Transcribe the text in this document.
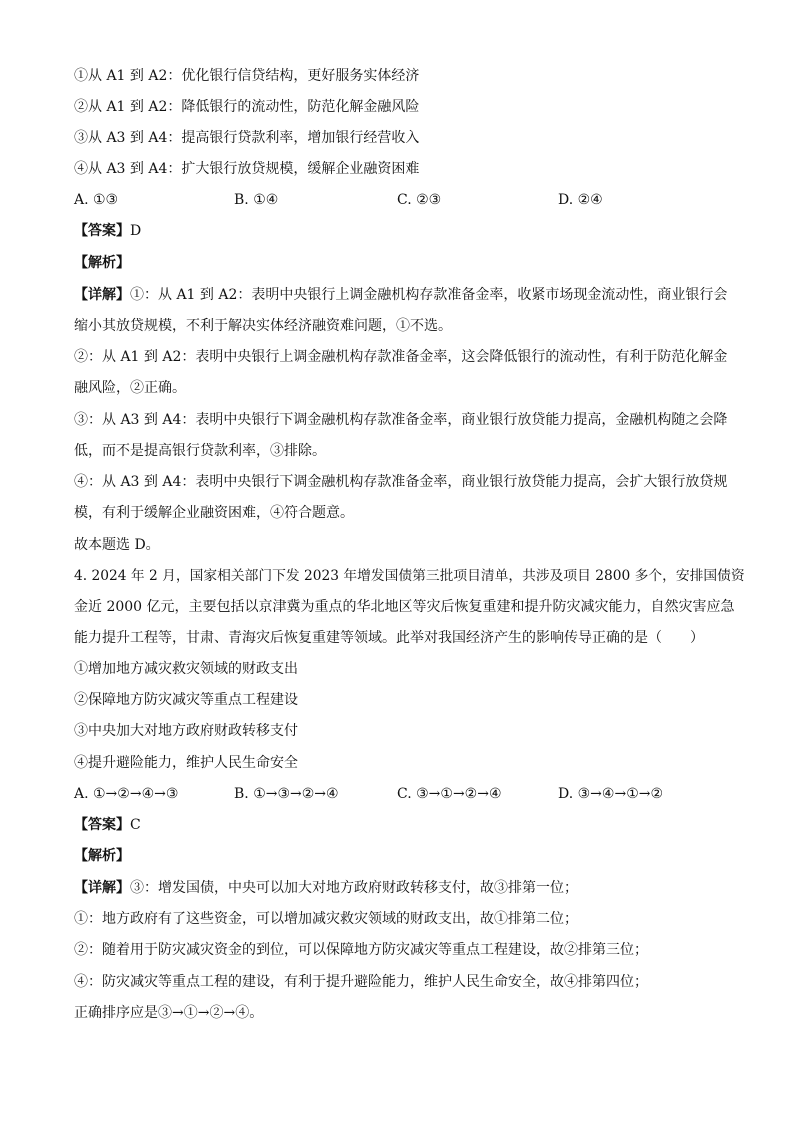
①从 A1 到 A2：优化银行信贷结构，更好服务实体经济
②从 A1 到 A2：降低银行的流动性，防范化解金融风险
③从 A3 到 A4：提高银行贷款利率，增加银行经营收入
④从 A3 到 A4：扩大银行放贷规模，缓解企业融资困难
A. ①③	B. ①④	C. ②③	D. ②④
【答案】D
【解析】
【详解】①：从 A1 到 A2：表明中央银行上调金融机构存款准备金率，收紧市场现金流动性，商业银行会
缩小其放贷规模，不利于解决实体经济融资难问题，①不选。
②：从 A1 到 A2：表明中央银行上调金融机构存款准备金率，这会降低银行的流动性，有利于防范化解金
融风险，②正确。
③：从 A3 到 A4：表明中央银行下调金融机构存款准备金率，商业银行放贷能力提高，金融机构随之会降
低，而不是提高银行贷款利率，③排除。
④：从 A3 到 A4：表明中央银行下调金融机构存款准备金率，商业银行放贷能力提高，会扩大银行放贷规
模，有利于缓解企业融资困难，④符合题意。
故本题选 D。
4. 2024 年 2 月，国家相关部门下发 2023 年增发国债第三批项目清单，共涉及项目 2800 多个，安排国债资
金近 2000 亿元，主要包括以京津冀为重点的华北地区等灾后恢复重建和提升防灾减灾能力，自然灾害应急
能力提升工程等，甘肃、青海灾后恢复重建等领域。此举对我国经济产生的影响传导正确的是（　　）
①增加地方减灾救灾领域的财政支出
②保障地方防灾减灾等重点工程建设
③中央加大对地方政府财政转移支付
④提升避险能力，维护人民生命安全
A. ①→②→④→③	B. ①→③→②→④	C. ③→①→②→④	D. ③→④→①→②
【答案】C
【解析】
【详解】③：增发国债，中央可以加大对地方政府财政转移支付，故③排第一位；
①：地方政府有了这些资金，可以增加减灾救灾领域的财政支出，故①排第二位；
②：随着用于防灾减灾资金的到位，可以保障地方防灾减灾等重点工程建设，故②排第三位；
④：防灾减灾等重点工程的建设，有利于提升避险能力，维护人民生命安全，故④排第四位；
正确排序应是③→①→②→④。
